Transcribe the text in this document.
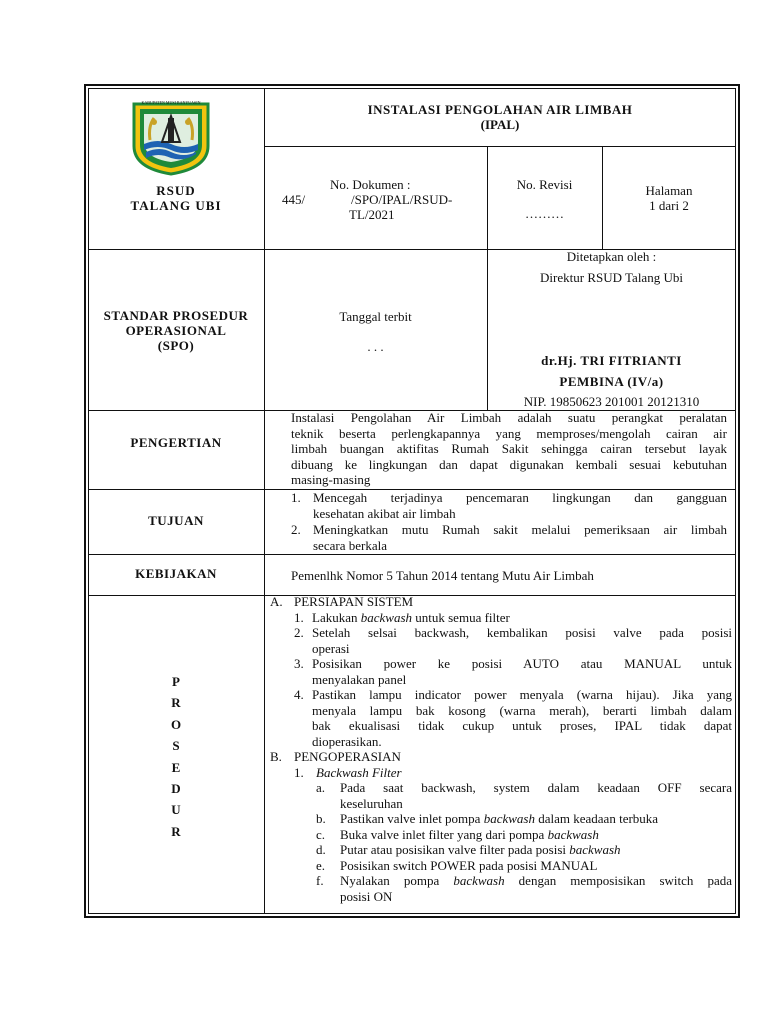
KABUPATEN MUSI BANYUASIN
RSUD
TALANG UBI
INSTALASI PENGOLAHAN AIR LIMBAH
(IPAL)
No. Dokumen :
445/	/SPO/IPAL/RSUD-
TL/2021
No. Revisi
………
Halaman
1 dari 2
STANDAR PROSEDUR
OPERASIONAL
(SPO)
Tanggal terbit
. . .
Ditetapkan oleh :
Direktur RSUD Talang Ubi
dr.Hj. TRI FITRIANTI
PEMBINA (IV/a)
NIP. 19850623 201001 20121310
PENGERTIAN
Instalasi Pengolahan Air Limbah adalah suatu perangkat peralatan
teknik beserta perlengkapannya yang memproses/mengolah cairan air
limbah buangan aktifitas Rumah Sakit sehingga cairan tersebut layak
dibuang ke lingkungan dan dapat digunakan kembali sesuai kebutuhan
masing-masing
TUJUAN
1. Mencegah terjadinya pencemaran lingkungan dan gangguan
kesehatan akibat air limbah
2. Meningkatkan mutu Rumah sakit melalui pemeriksaan air limbah
secara berkala
KEBIJAKAN	Pemenlhk Nomor 5 Tahun 2014 tentang Mutu Air Limbah
P
R
O
S
E
D
U
R
A. PERSIAPAN SISTEM
1. Lakukan backwash untuk semua filter
2. Setelah selsai backwash, kembalikan posisi valve pada posisi
operasi
3. Posisikan power ke posisi AUTO atau MANUAL untuk
menyalakan panel
4. Pastikan lampu indicator power menyala (warna hijau). Jika yang
menyala lampu bak kosong (warna merah), berarti limbah dalam
bak ekualisasi tidak cukup untuk proses, IPAL tidak dapat
dioperasikan.
B. PENGOPERASIAN
1. Backwash Filter
a. Pada saat backwash, system dalam keadaan OFF secara
keseluruhan
b. Pastikan valve inlet pompa backwash dalam keadaan terbuka
c. Buka valve inlet filter yang dari pompa backwash
d. Putar atau posisikan valve filter pada posisi backwash
e. Posisikan switch POWER pada posisi MANUAL
f. Nyalakan pompa backwash dengan memposisikan switch pada
posisi ON
